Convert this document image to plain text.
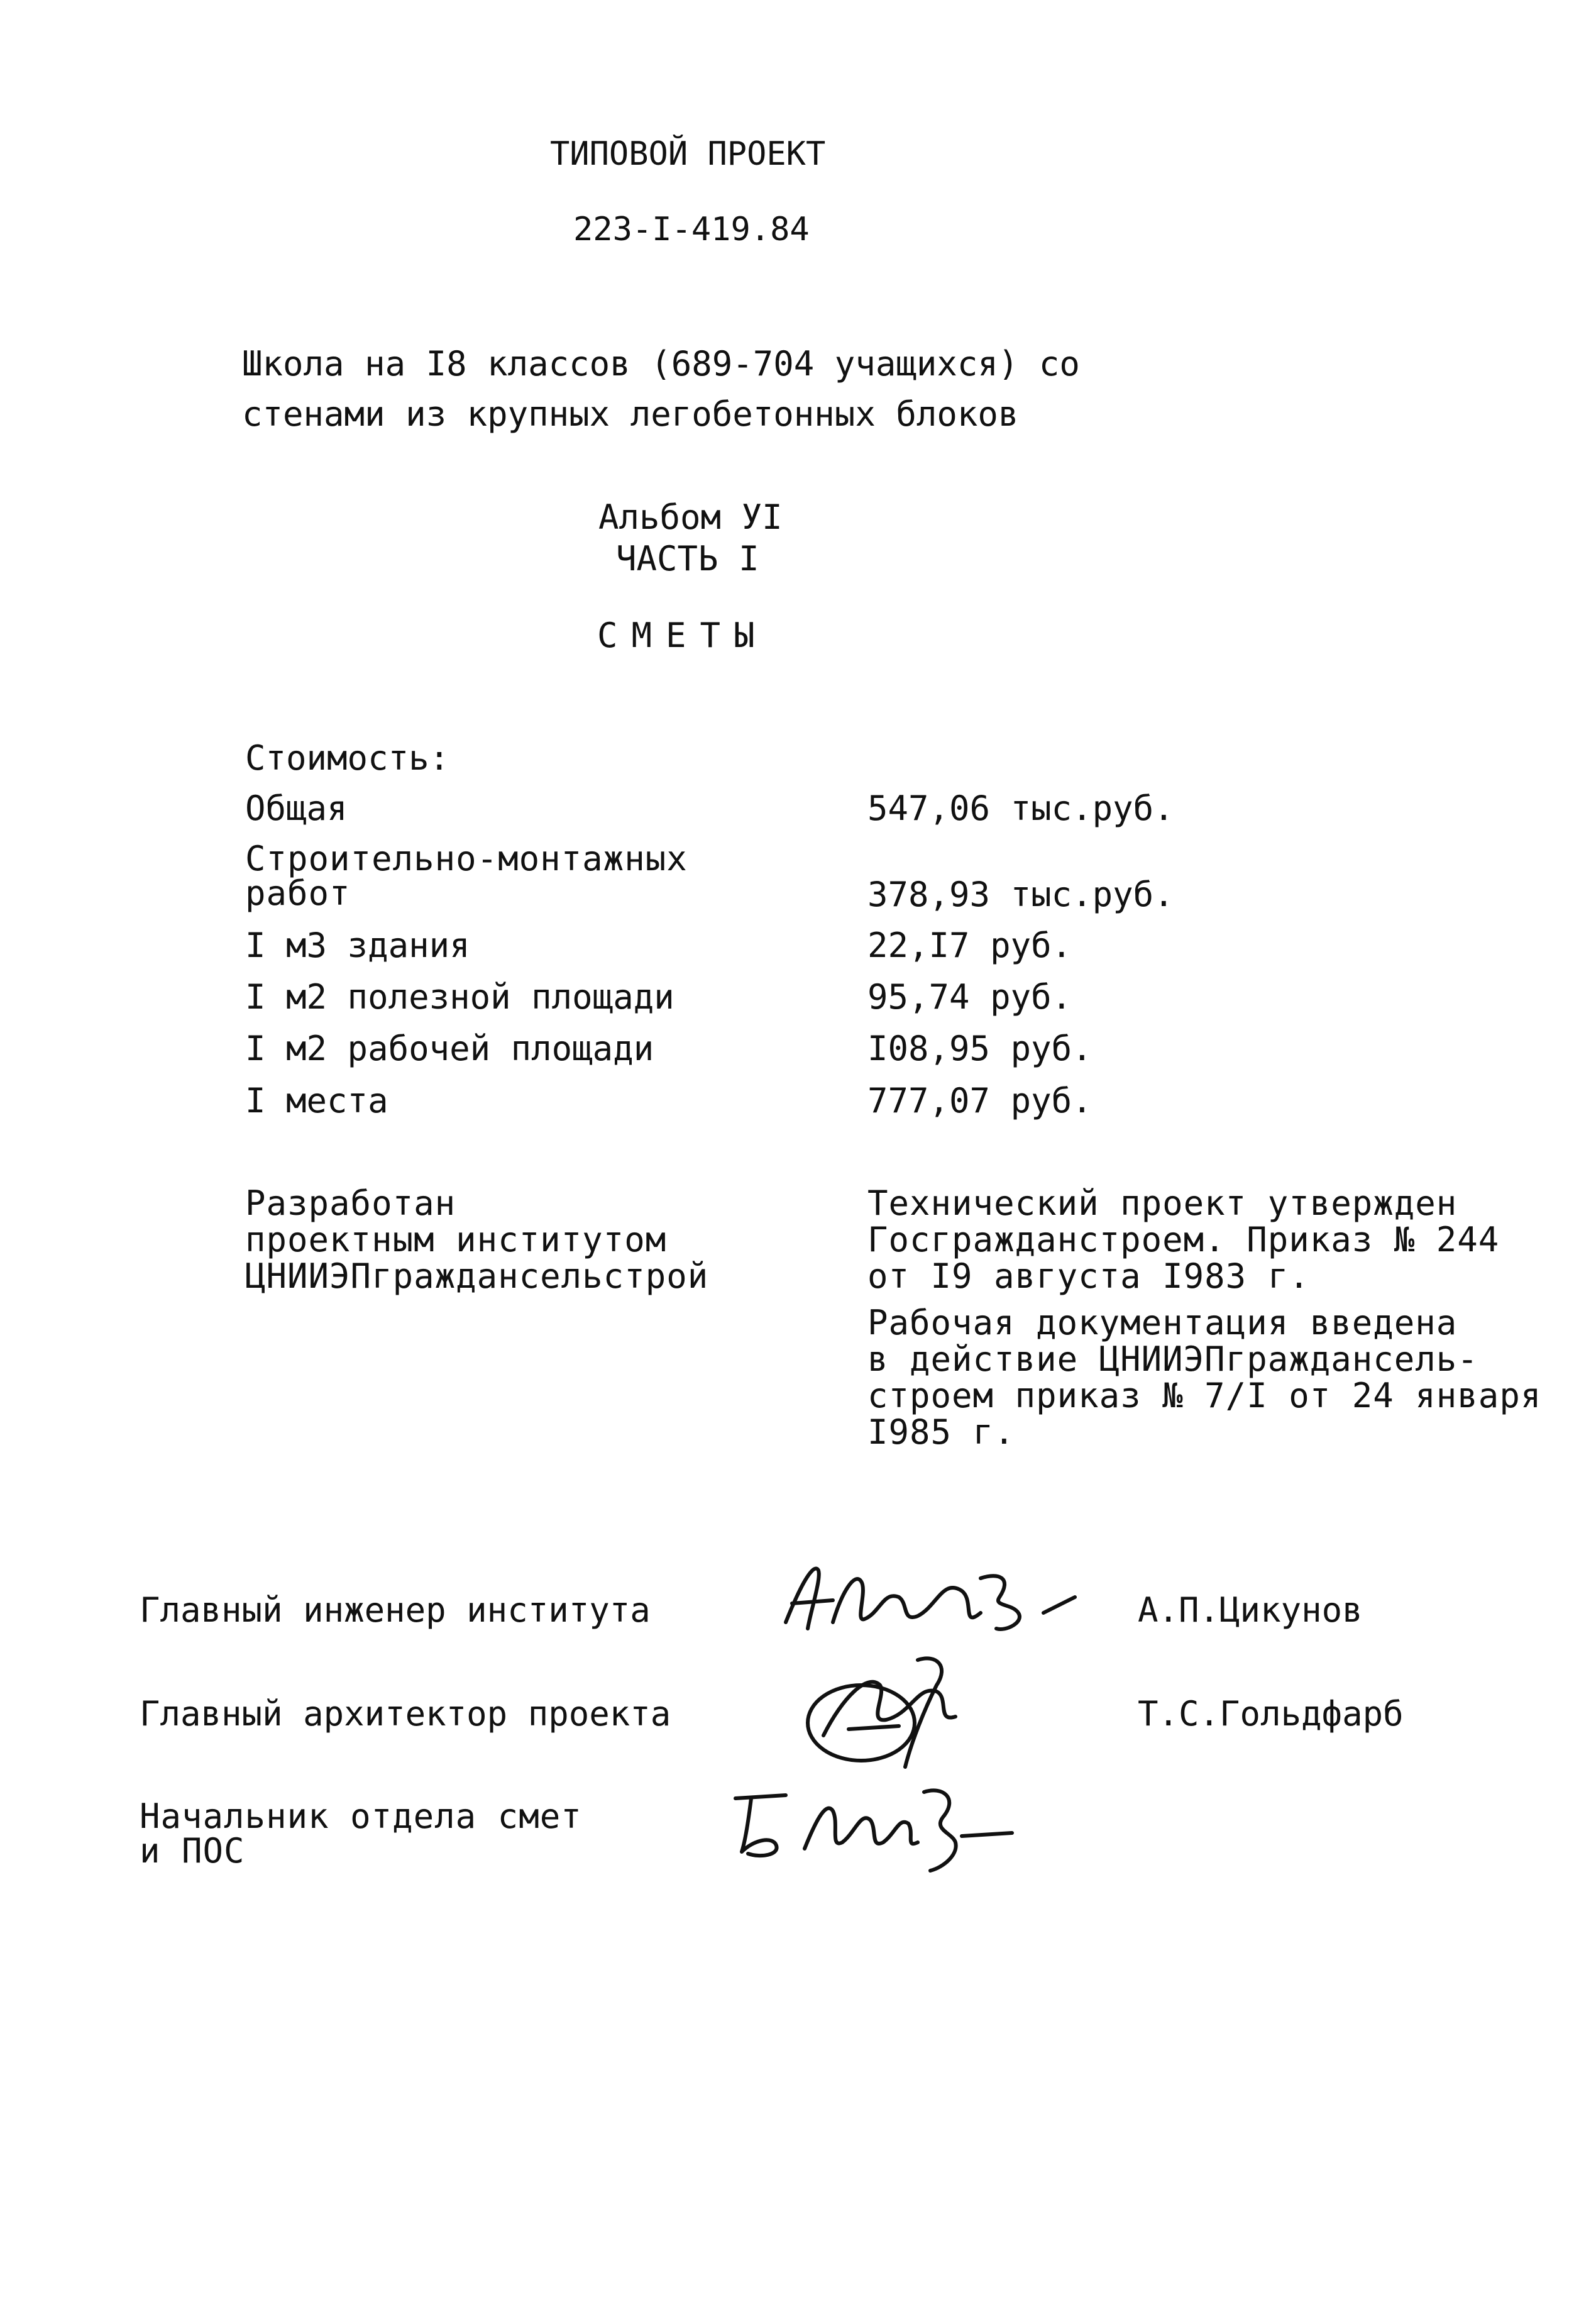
ТИПОВОЙ ПРОЕКТ
223-I-419.84
Школа на I8 классов (689-704 учащихся) со
стенами из крупных легобетонных блоков
Альбом УI
ЧАСТЬ I
СМЕТЫ
Стоимость:
Общая	547,06 тыс.руб.
Строительно-монтажных
работ	378,93 тыс.руб.
I м3 здания	22,I7 руб.
I м2 полезной площади	95,74 руб.
I м2 рабочей площади	I08,95 руб.
I места	777,07 руб.
Разработан
проектным институтом
ЦНИИЭПграждансельстрой
Технический проект утвержден
Госгражданстроем. Приказ № 244
от I9 августа I983 г.
Рабочая документация введена
в действие ЦНИИЭПграждансель-
строем приказ № 7/I от 24 января
I985 г.
Главный инженер института	А.П.Цикунов
Главный архитектор проекта	Т.С.Гольдфарб
Начальник отдела смет
и ПОС
